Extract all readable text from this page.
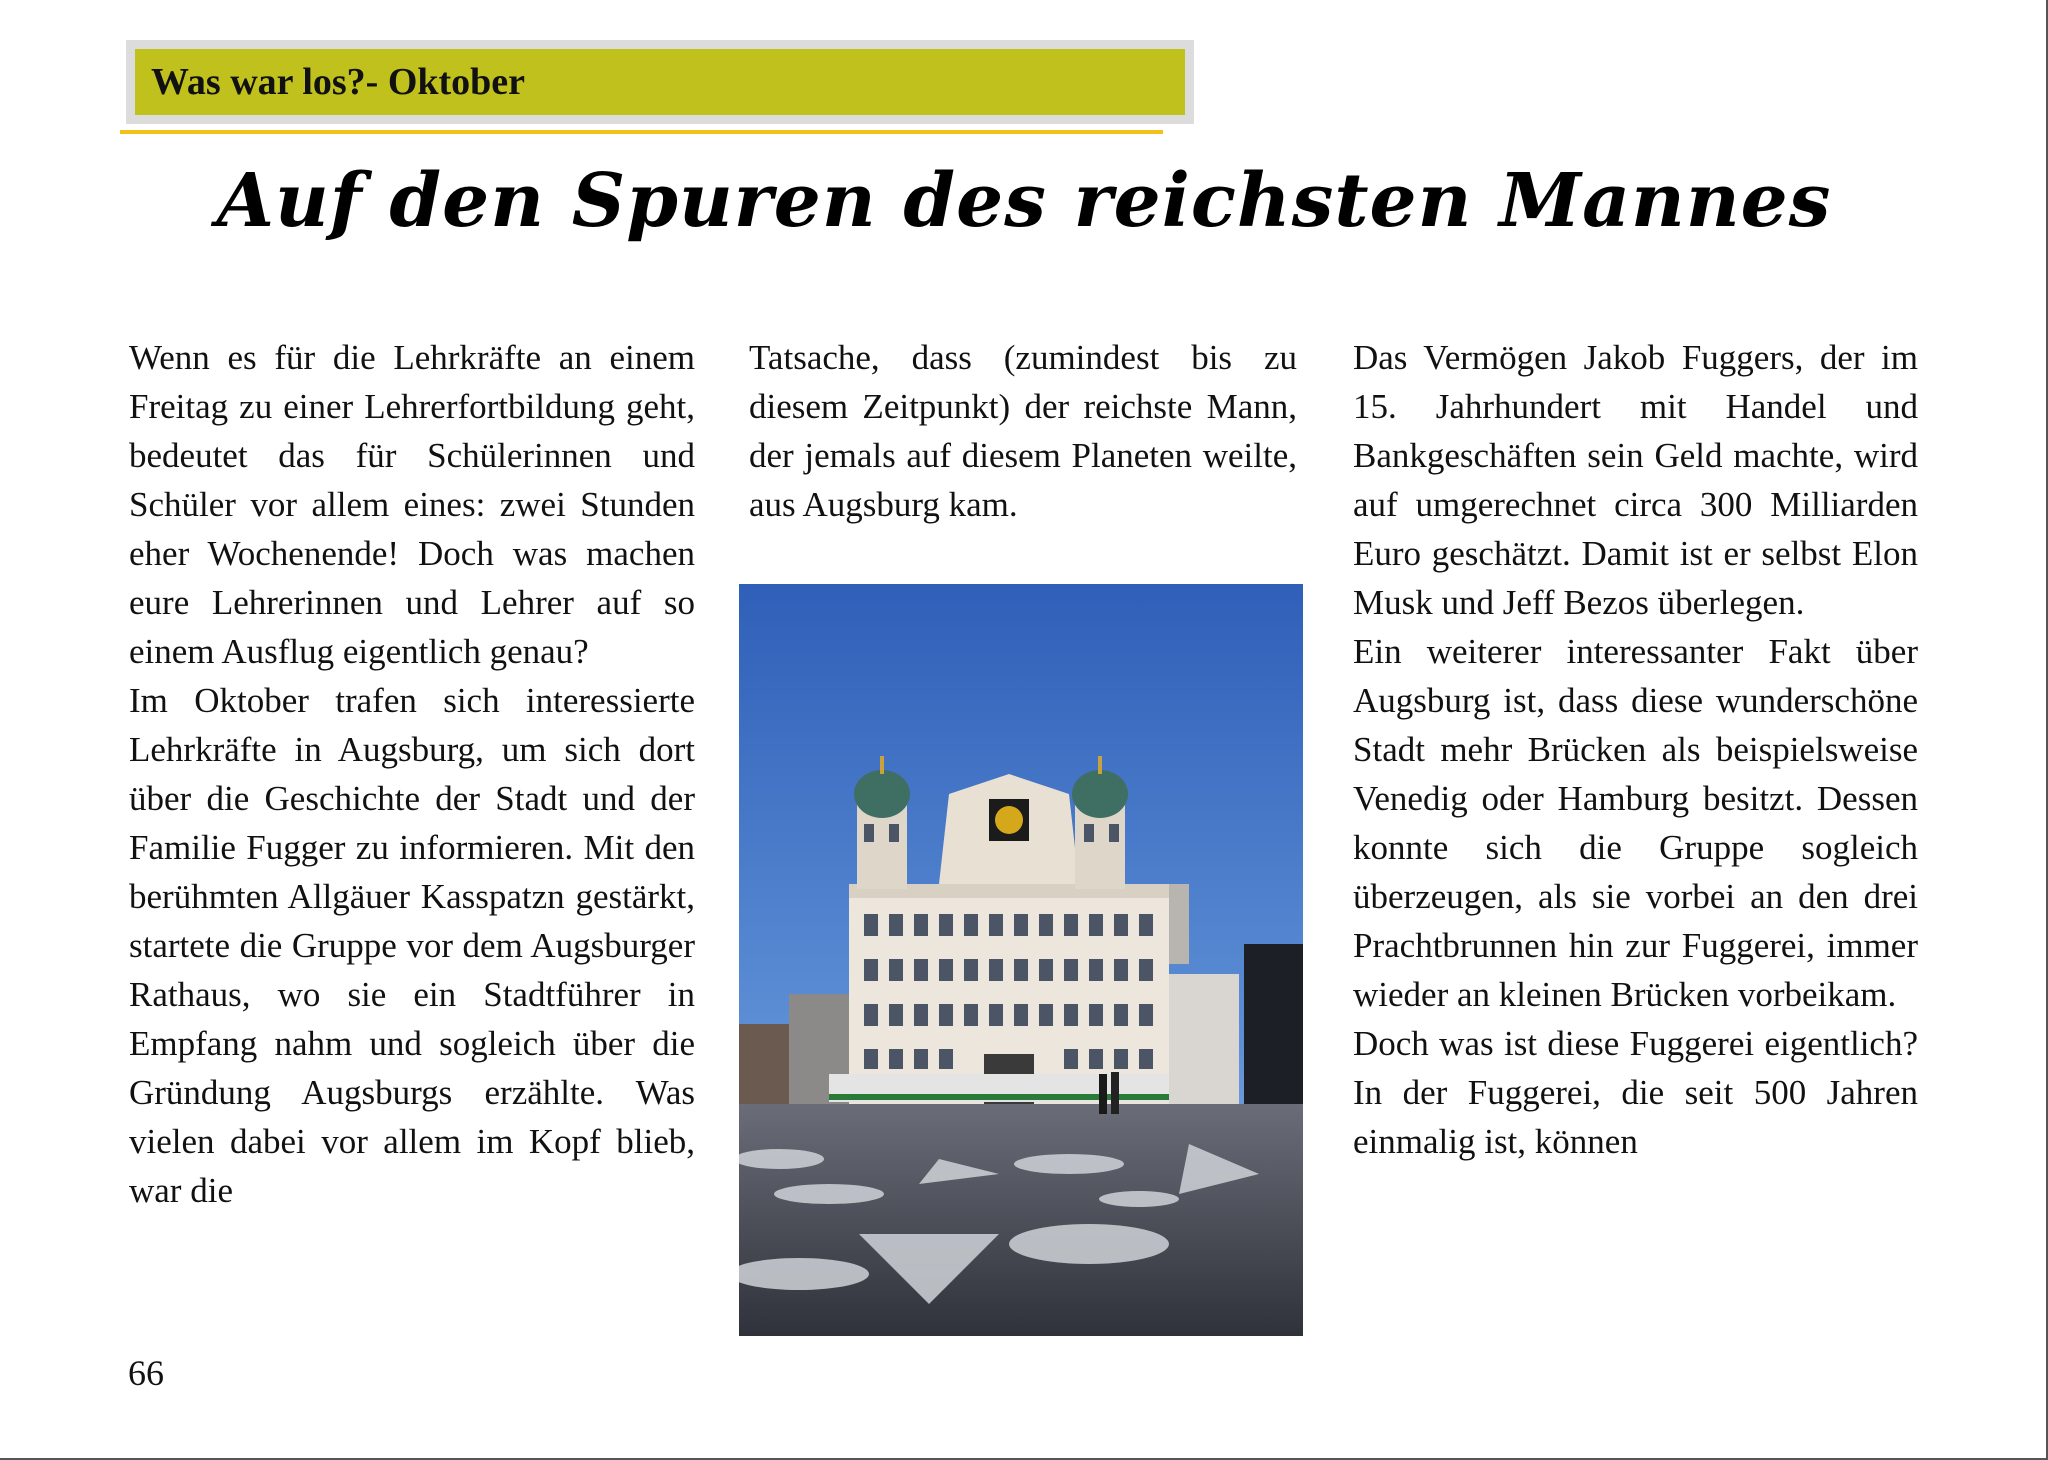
Was war los?- Oktober
Auf den Spuren des reichsten Mannes

Wenn es für die Lehrkräfte an einem Freitag zu einer Lehrerfortbildung geht, bedeutet das für Schülerinnen und Schüler vor allem eines: zwei Stunden eher Wochenende! Doch was machen eure Lehrerinnen und Lehrer auf so einem Ausflug eigentlich genau?

Im Oktober trafen sich interessierte Lehrkräfte in Augsburg, um sich dort über die Geschichte der Stadt und der Familie Fugger zu informieren. Mit den berühmten Allgäuer Kasspatzn gestärkt, startete die Gruppe vor dem Augsburger Rathaus, wo sie ein Stadtführer in Empfang nahm und sogleich über die Gründung Augsburgs erzählte. Was vielen dabei vor allem im Kopf blieb, war die

Tatsache, dass (zumindest bis zu diesem Zeitpunkt) der reichste Mann, der jemals auf diesem Planeten weilte, aus Augsburg kam.

Das Vermögen Jakob Fuggers, der im 15. Jahrhundert mit Handel und Bankgeschäften sein Geld machte, wird auf umgerechnet circa 300 Milliarden Euro geschätzt. Damit ist er selbst Elon Musk und Jeff Bezos überlegen.

Ein weiterer interessanter Fakt über Augsburg ist, dass diese wunderschöne Stadt mehr Brücken als beispielsweise Venedig oder Hamburg besitzt. Dessen konnte sich die Gruppe sogleich überzeugen, als sie vorbei an den drei Prachtbrunnen hin zur Fuggerei, immer wieder an kleinen Brücken vorbeikam.

Doch was ist diese Fuggerei eigentlich? In der Fuggerei, die seit 500 Jahren einmalig ist, können

66
